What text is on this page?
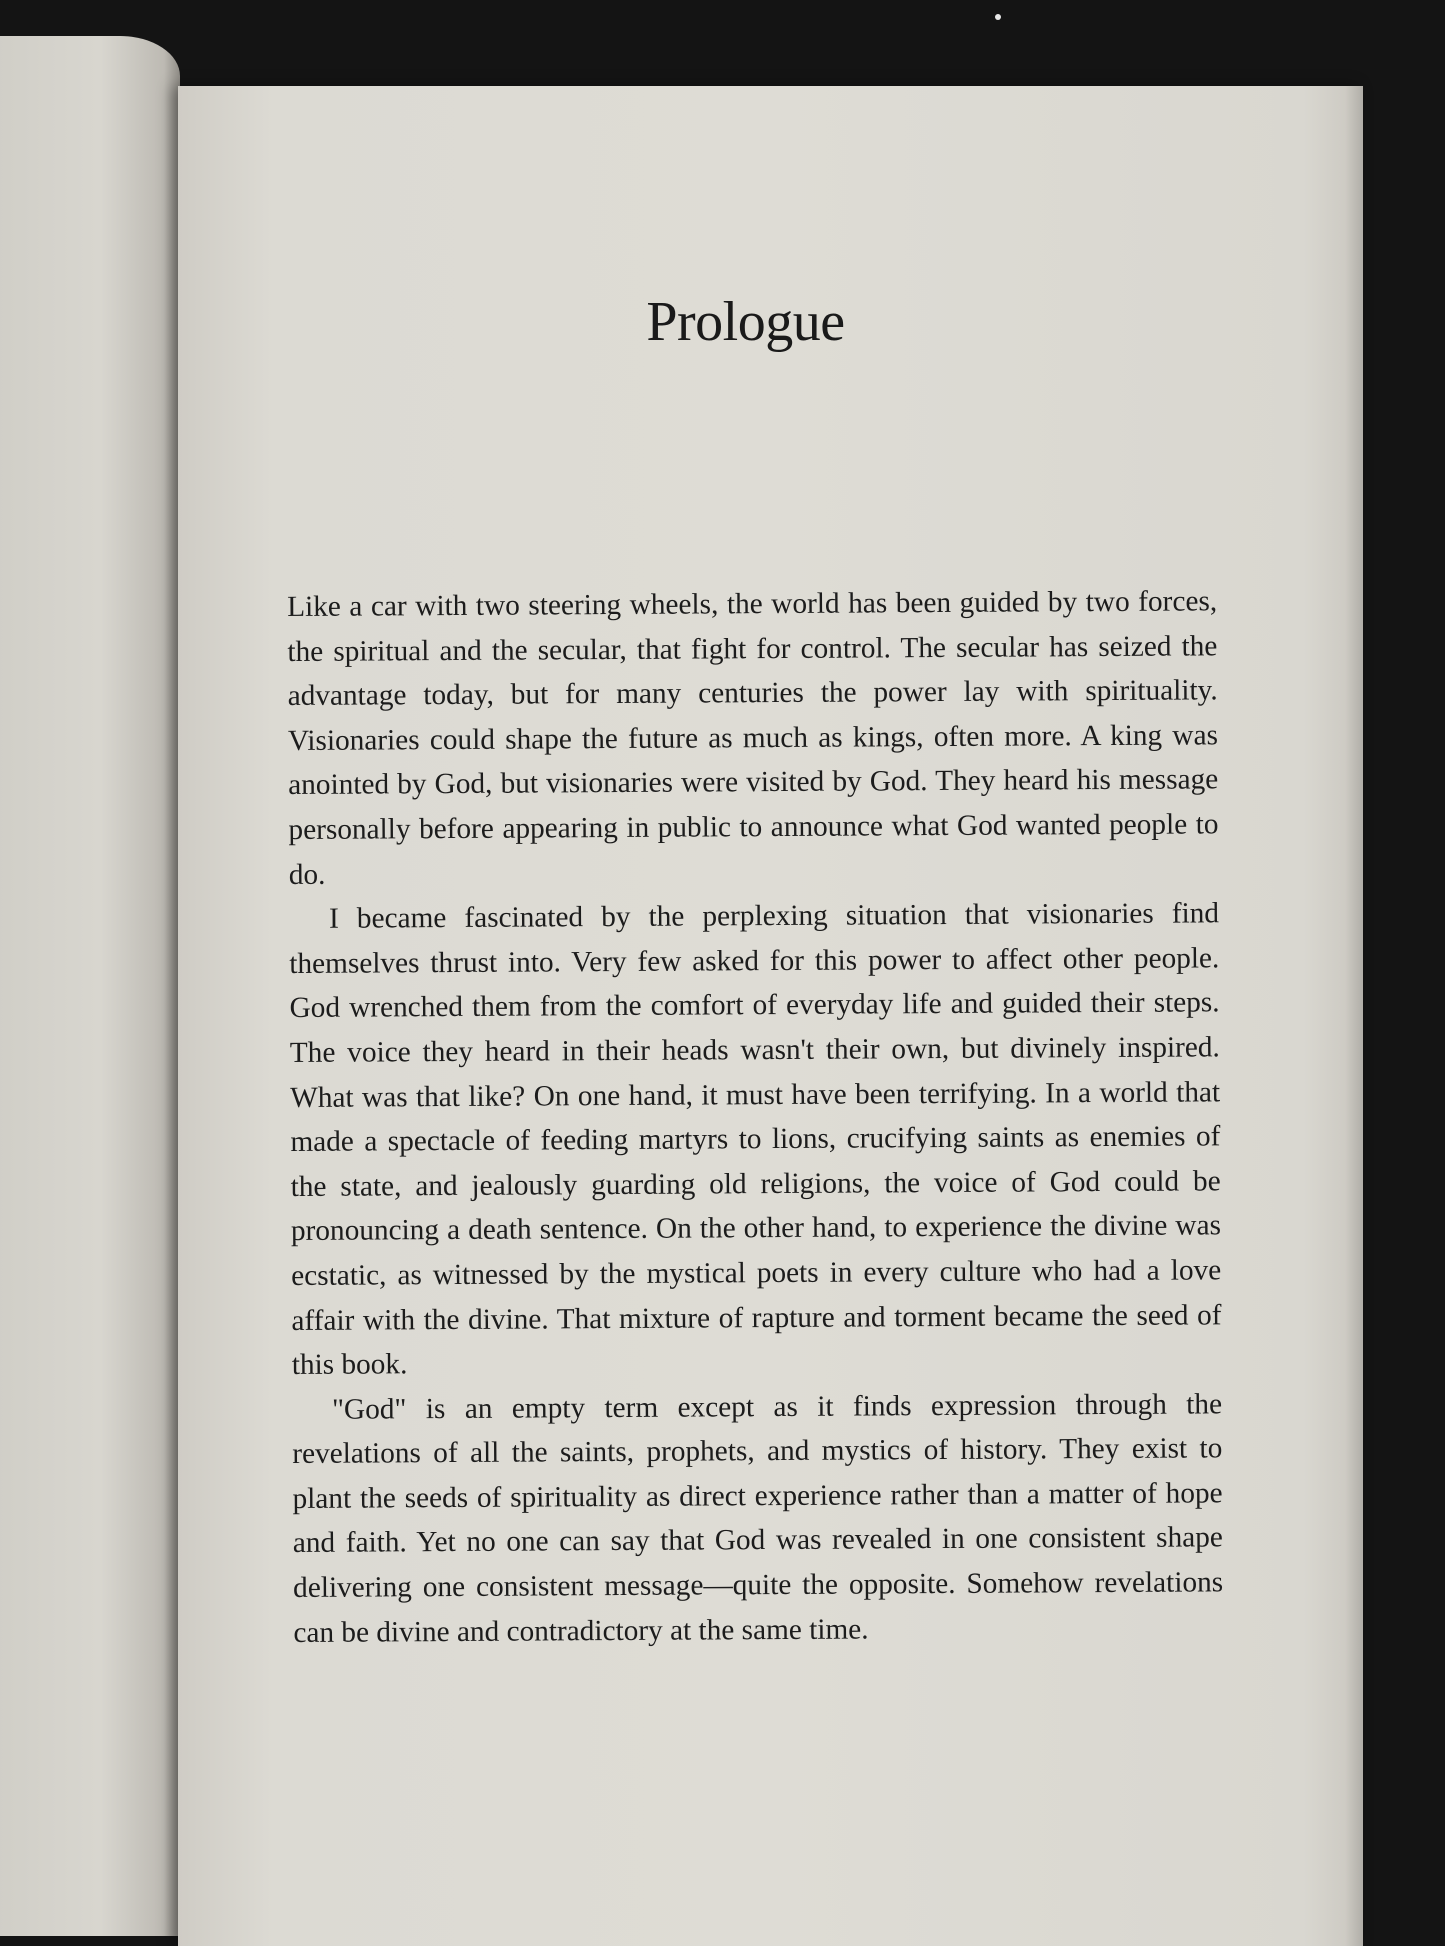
Prologue

Like a car with two steering wheels, the world has been guided by two forces, the spiritual and the secular, that fight for control. The secular has seized the advantage today, but for many centuries the power lay with spirituality. Visionaries could shape the future as much as kings, often more. A king was anointed by God, but visionaries were visited by God. They heard his message personally before appearing in public to announce what God wanted people to do.

I became fascinated by the perplexing situation that visionaries find themselves thrust into. Very few asked for this power to affect other people. God wrenched them from the comfort of everyday life and guided their steps. The voice they heard in their heads wasn't their own, but divinely inspired. What was that like? On one hand, it must have been terrifying. In a world that made a spectacle of feeding martyrs to lions, crucifying saints as enemies of the state, and jealously guarding old religions, the voice of God could be pronouncing a death sentence. On the other hand, to experience the divine was ecstatic, as witnessed by the mystical poets in every culture who had a love affair with the divine. That mixture of rapture and torment became the seed of this book.

"God" is an empty term except as it finds expression through the revelations of all the saints, prophets, and mystics of history. They exist to plant the seeds of spirituality as direct experience rather than a matter of hope and faith. Yet no one can say that God was revealed in one consistent shape delivering one consistent message—quite the opposite. Somehow revelations can be divine and contradictory at the same time.
